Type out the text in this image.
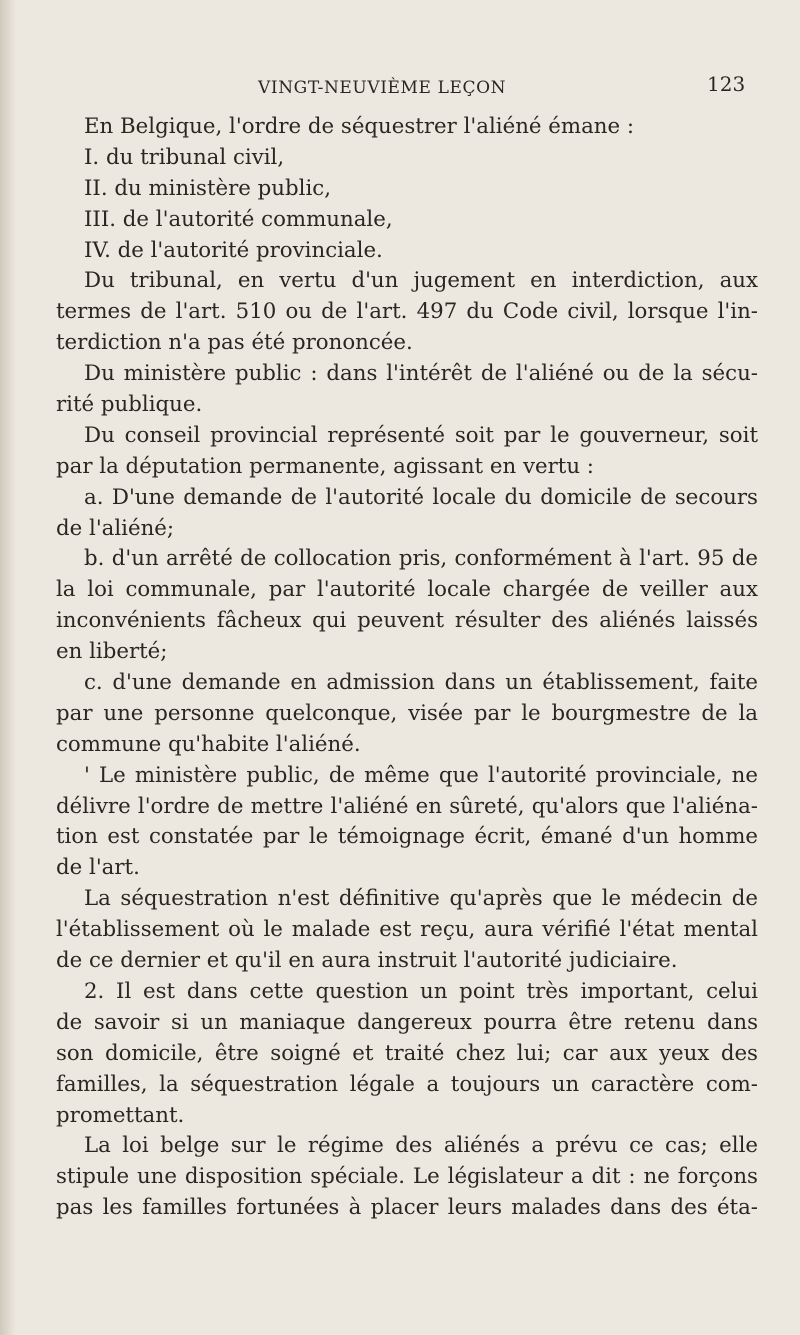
VINGT-NEUVIÈME LEÇON	123
En Belgique, l'ordre de séquestrer l'aliéné émane :
I. du tribunal civil,
II. du ministère public,
III. de l'autorité communale,
IV. de l'autorité provinciale.
Du tribunal, en vertu d'un jugement en interdiction, aux
termes de l'art. 510 ou de l'art. 497 du Code civil, lorsque l'in-
terdiction n'a pas été prononcée.
Du ministère public : dans l'intérêt de l'aliéné ou de la sécu-
rité publique.
Du conseil provincial représenté soit par le gouverneur, soit
par la députation permanente, agissant en vertu :
a. D'une demande de l'autorité locale du domicile de secours
de l'aliéné;
b. d'un arrêté de collocation pris, conformément à l'art. 95 de
la loi communale, par l'autorité locale chargée de veiller aux
inconvénients fâcheux qui peuvent résulter des aliénés laissés
en liberté;
c. d'une demande en admission dans un établissement, faite
par une personne quelconque, visée par le bourgmestre de la
commune qu'habite l'aliéné.
' Le ministère public, de même que l'autorité provinciale, ne
délivre l'ordre de mettre l'aliéné en sûreté, qu'alors que l'aliéna-
tion est constatée par le témoignage écrit, émané d'un homme
de l'art.
La séquestration n'est définitive qu'après que le médecin de
l'établissement où le malade est reçu, aura vérifié l'état mental
de ce dernier et qu'il en aura instruit l'autorité judiciaire.
2. Il est dans cette question un point très important, celui
de savoir si un maniaque dangereux pourra être retenu dans
son domicile, être soigné et traité chez lui; car aux yeux des
familles, la séquestration légale a toujours un caractère com-
promettant.
La loi belge sur le régime des aliénés a prévu ce cas; elle
stipule une disposition spéciale. Le législateur a dit : ne forçons
pas les familles fortunées à placer leurs malades dans des éta-
